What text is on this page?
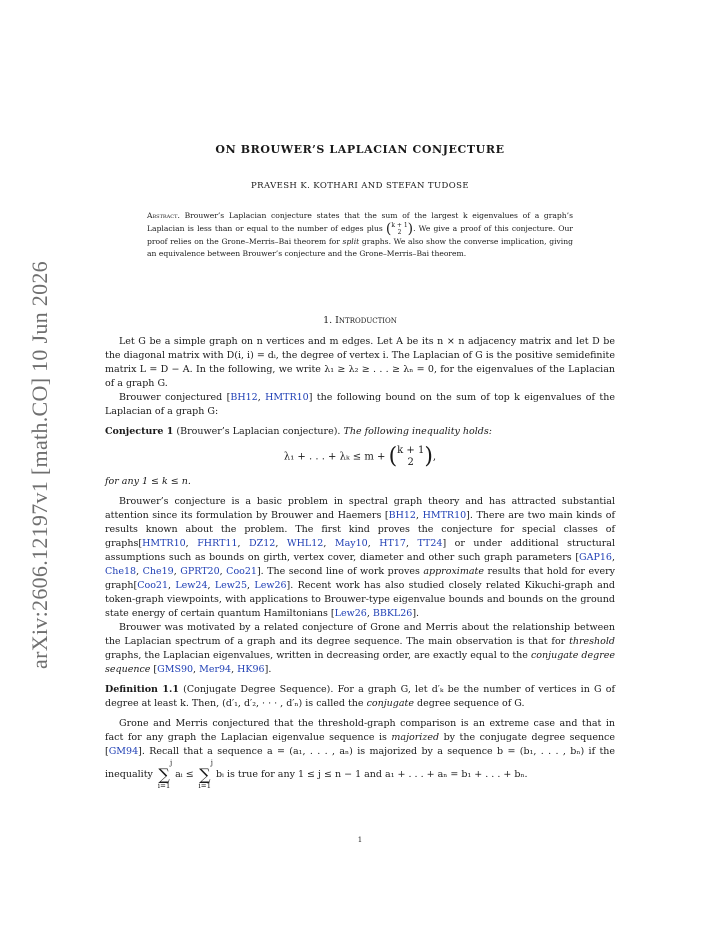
arXiv:2606.12197v1 [math.CO] 10 Jun 2026
ON BROUWER’S LAPLACIAN CONJECTURE
PRAVESH K. KOTHARI AND STEFAN TUDOSE
Abstract. Brouwer’s Laplacian conjecture states that the sum of the largest k eigenvalues of a graph’s Laplacian is less than or equal to the number of edges plus (k + 1
2 ). We give a proof of this conjecture. Our proof relies on the Grone–Merris–Bai theorem for split graphs. We also show the converse implication, giving an equivalence between Brouwer’s conjecture and the Grone–Merris–Bai theorem.
1. Introduction

Let G be a simple graph on n vertices and m edges. Let A be its n × n adjacency matrix and let D be the diagonal matrix with D(i, i) = dᵢ, the degree of vertex i. The Laplacian of G is the positive semidefinite matrix L = D − A. In the following, we write λ₁ ≥ λ₂ ≥ . . . ≥ λₙ = 0, for the eigenvalues of the Laplacian of a graph G.

Brouwer conjectured [BH12, HMTR10] the following bound on the sum of top k eigenvalues of the Laplacian of a graph G:

Conjecture 1 (Brouwer’s Laplacian conjecture). The following inequality holds:

λ₁ + . . . + λₖ ≤ m + (k + 1
2 ),

for any 1 ≤ k ≤ n.

Brouwer’s conjecture is a basic problem in spectral graph theory and has attracted substantial attention since its formulation by Brouwer and Haemers [BH12, HMTR10]. There are two main kinds of results known about the problem. The first kind proves the conjecture for special classes of graphs[HMTR10, FHRT11, DZ12, WHL12, May10, HT17, TT24] or under additional structural assumptions such as bounds on girth, vertex cover, diameter and other such graph parameters [GAP16, Che18, Che19, GPRT20, Coo21]. The second line of work proves approximate results that hold for every graph[Coo21, Lew24, Lew25, Lew26]. Recent work has also studied closely related Kikuchi-graph and token-graph viewpoints, with applications to Brouwer-type eigenvalue bounds and bounds on the ground state energy of certain quantum Hamiltonians [Lew26, BBKL26].

Brouwer was motivated by a related conjecture of Grone and Merris about the relationship between the Laplacian spectrum of a graph and its degree sequence. The main observation is that for threshold graphs, the Laplacian eigenvalues, written in decreasing order, are exactly equal to the conjugate degree sequence [GMS90, Mer94, HK96].

Definition 1.1 (Conjugate Degree Sequence). For a graph G, let d′ₖ be the number of vertices in G of degree at least k. Then, (d′₁, d′₂, · · · , d′ₙ) is called the conjugate degree sequence of G.

Grone and Merris conjectured that the threshold-graph comparison is an extreme case and that in fact for any graph the Laplacian eigenvalue sequence is majorized by the conjugate degree sequence [GM94]. Recall that a sequence a = (a₁, . . . , aₙ) is majorized by a sequence b = (b₁, . . . , bₙ) if the inequality j
∑
i=1 aᵢ ≤ j
∑
i=1 bᵢ is true for any 1 ≤ j ≤ n − 1 and a₁ + . . . + aₙ = b₁ + . . . + bₙ.

1
